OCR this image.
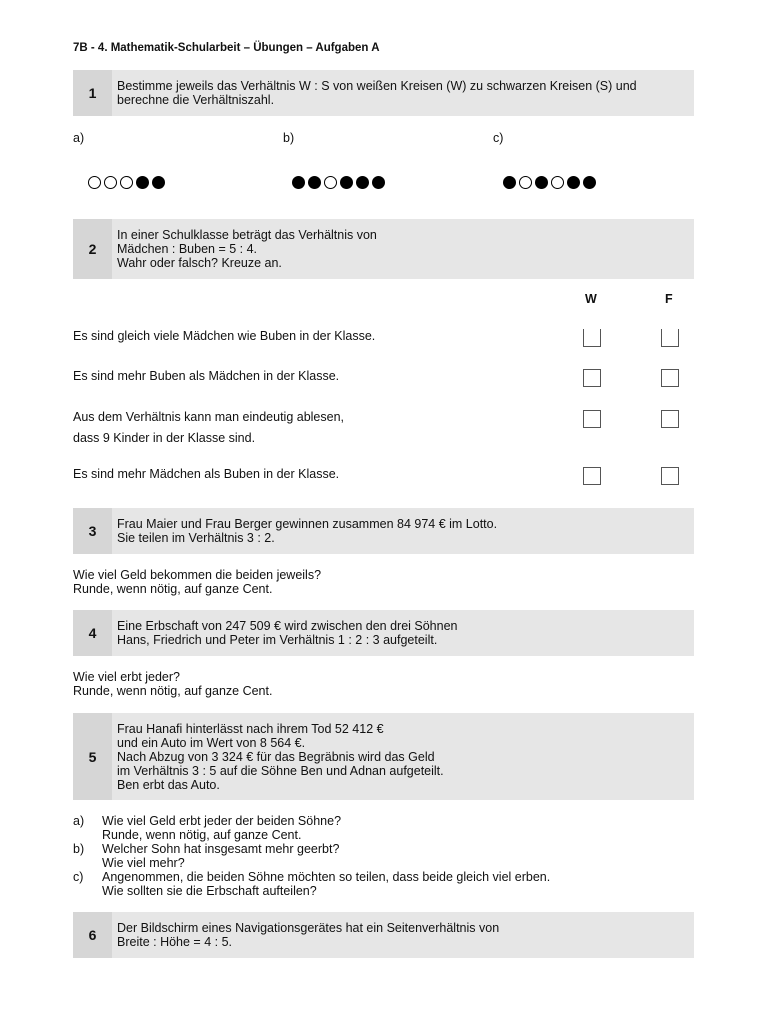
7B - 4. Mathematik-Schularbeit – Übungen – Aufgaben A
1	Bestimme jeweils das Verhältnis W : S von weißen Kreisen (W) zu schwarzen Kreisen (S) und
berechne die Verhältniszahl.
a)	b)	c)
2
In einer Schulklasse beträgt das Verhältnis von
Mädchen : Buben = 5 : 4.
Wahr oder falsch? Kreuze an.
W	F
Es sind gleich viele Mädchen wie Buben in der Klasse.
Es sind mehr Buben als Mädchen in der Klasse.
Aus dem Verhältnis kann man eindeutig ablesen,
dass 9 Kinder in der Klasse sind.
Es sind mehr Mädchen als Buben in der Klasse.
3	Frau Maier und Frau Berger gewinnen zusammen 84 974 € im Lotto.
Sie teilen im Verhältnis 3 : 2.
Wie viel Geld bekommen die beiden jeweils?
Runde, wenn nötig, auf ganze Cent.
4	Eine Erbschaft von 247 509 € wird zwischen den drei Söhnen
Hans, Friedrich und Peter im Verhältnis 1 : 2 : 3 aufgeteilt.
Wie viel erbt jeder?
Runde, wenn nötig, auf ganze Cent.
5
Frau Hanafi hinterlässt nach ihrem Tod 52 412 €
und ein Auto im Wert von 8 564 €.
Nach Abzug von 3 324 € für das Begräbnis wird das Geld
im Verhältnis 3 : 5 auf die Söhne Ben und Adnan aufgeteilt.
Ben erbt das Auto.
a) Wie viel Geld erbt jeder der beiden Söhne?
Runde, wenn nötig, auf ganze Cent.
b) Welcher Sohn hat insgesamt mehr geerbt?
Wie viel mehr?
c) Angenommen, die beiden Söhne möchten so teilen, dass beide gleich viel erben.
Wie sollten sie die Erbschaft aufteilen?
6	Der Bildschirm eines Navigationsgerätes hat ein Seitenverhältnis von
Breite : Höhe = 4 : 5.
